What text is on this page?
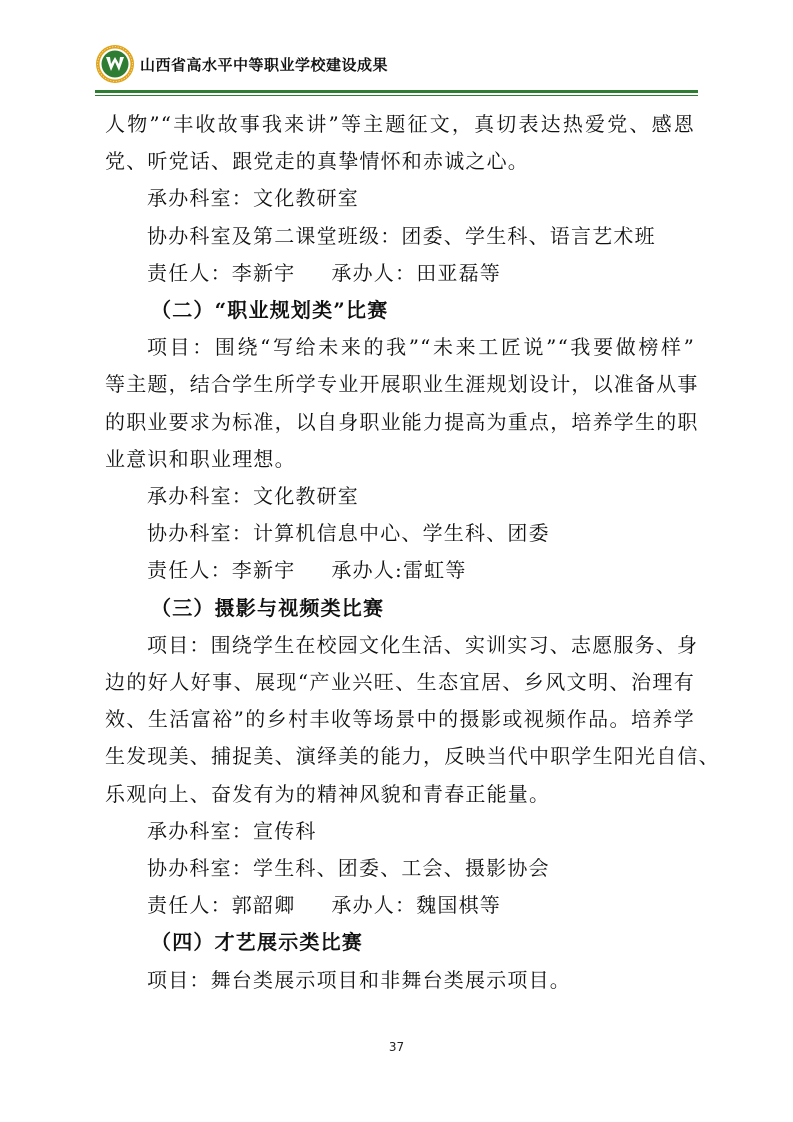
山西省高水平中等职业学校建设成果
人物”“丰收故事我来讲”等主题征文，真切表达热爱党、感恩
党、听党话、跟党走的真挚情怀和赤诚之心。
承办科室：文化教研室
协办科室及第二课堂班级：团委、学生科、语言艺术班
责任人：李新宇 承办人：田亚磊等
（二）“职业规划类”比赛
项目：围绕“写给未来的我”“未来工匠说”“我要做榜样”
等主题，结合学生所学专业开展职业生涯规划设计，以准备从事
的职业要求为标准，以自身职业能力提高为重点，培养学生的职
业意识和职业理想。
承办科室：文化教研室
协办科室：计算机信息中心、学生科、团委
责任人：李新宇 承办人:雷虹等
（三）摄影与视频类比赛
项目：围绕学生在校园文化生活、实训实习、志愿服务、身
边的好人好事、展现“产业兴旺、生态宜居、乡风文明、治理有
效、生活富裕”的乡村丰收等场景中的摄影或视频作品。培养学
生发现美、捕捉美、演绎美的能力，反映当代中职学生阳光自信、
乐观向上、奋发有为的精神风貌和青春正能量。
承办科室：宣传科
协办科室：学生科、团委、工会、摄影协会
责任人：郭韶卿 承办人：魏国棋等
（四）才艺展示类比赛
项目：舞台类展示项目和非舞台类展示项目。
37
